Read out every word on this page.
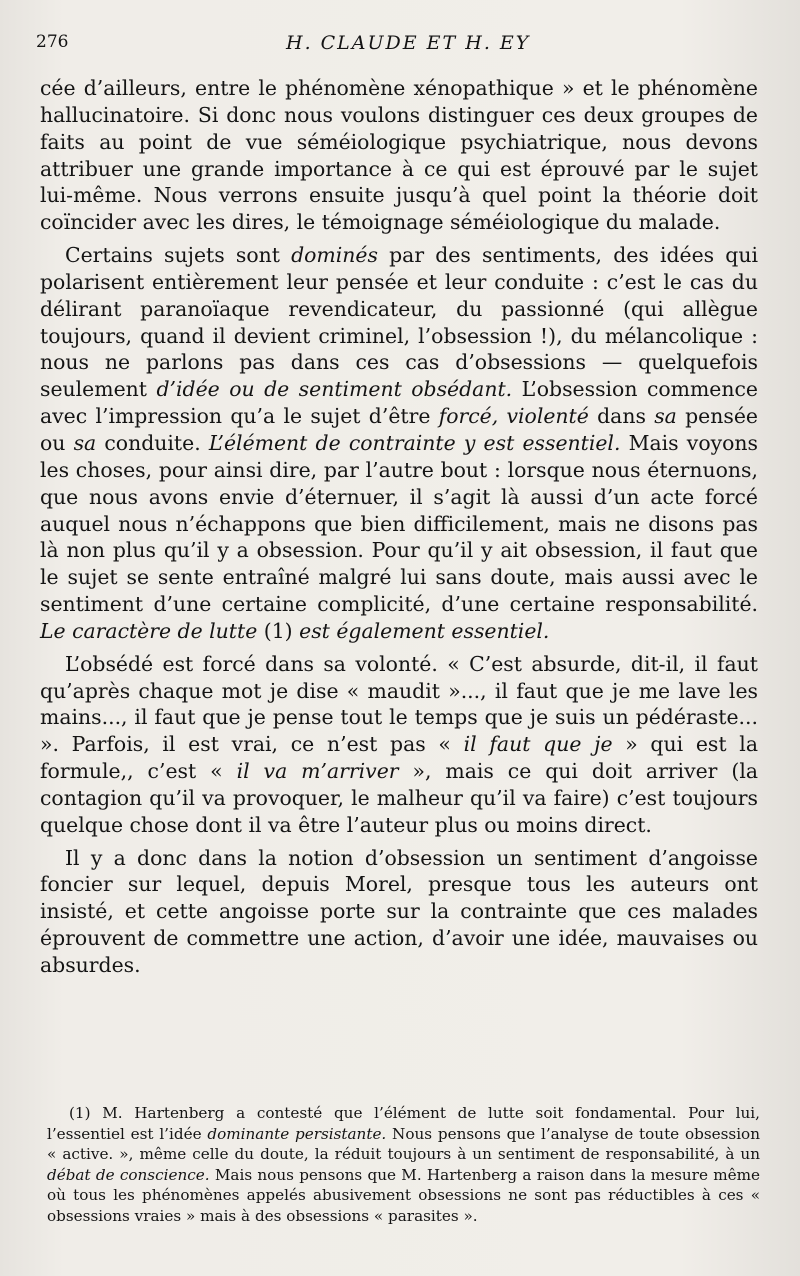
276	H. CLAUDE ET H. EY

cée d’ailleurs, entre le phénomène xénopathique » et le phénomène hallucinatoire. Si donc nous voulons distinguer ces deux groupes de faits au point de vue séméiologique psychiatrique, nous devons attribuer une grande importance à ce qui est éprouvé par le sujet lui-même. Nous verrons ensuite jusqu’à quel point la théorie doit coïncider avec les dires, le témoignage séméiologique du malade.

Certains sujets sont dominés par des sentiments, des idées qui polarisent entièrement leur pensée et leur conduite : c’est le cas du délirant paranoïaque revendicateur, du passionné (qui allègue toujours, quand il devient criminel, l’obsession !), du mélancolique : nous ne parlons pas dans ces cas d’obsessions — quelquefois seulement d’idée ou de sentiment obsédant. L’obsession commence avec l’impression qu’a le sujet d’être forcé, violenté dans sa pensée ou sa conduite. L’élément de contrainte y est essentiel. Mais voyons les choses, pour ainsi dire, par l’autre bout : lorsque nous éternuons, que nous avons envie d’éternuer, il s’agit là aussi d’un acte forcé auquel nous n’échappons que bien difficilement, mais ne disons pas là non plus qu’il y a obsession. Pour qu’il y ait obsession, il faut que le sujet se sente entraîné malgré lui sans doute, mais aussi avec le sentiment d’une certaine complicité, d’une certaine responsabilité. Le caractère de lutte (1) est également essentiel.

L’obsédé est forcé dans sa volonté. « C’est absurde, dit-il, il faut qu’après chaque mot je dise « maudit »..., il faut que je me lave les mains..., il faut que je pense tout le temps que je suis un pédéraste... ». Parfois, il est vrai, ce n’est pas « il faut que je » qui est la formule,, c’est « il va m’arriver », mais ce qui doit arriver (la contagion qu’il va provoquer, le malheur qu’il va faire) c’est toujours quelque chose dont il va être l’auteur plus ou moins direct.

Il y a donc dans la notion d’obsession un sentiment d’angoisse foncier sur lequel, depuis Morel, presque tous les auteurs ont insisté, et cette angoisse porte sur la contrainte que ces malades éprouvent de commettre une action, d’avoir une idée, mauvaises ou absurdes.

(1) M. Hartenberg a contesté que l’élément de lutte soit fondamental. Pour lui, l’essentiel est l’idée dominante persistante. Nous pensons que l’analyse de toute obsession « active. », même celle du doute, la réduit toujours à un sentiment de responsabilité, à un débat de conscience. Mais nous pensons que M. Hartenberg a raison dans la mesure même où tous les phénomènes appelés abusivement obsessions ne sont pas réductibles à ces « obsessions vraies » mais à des obsessions « parasites ».
